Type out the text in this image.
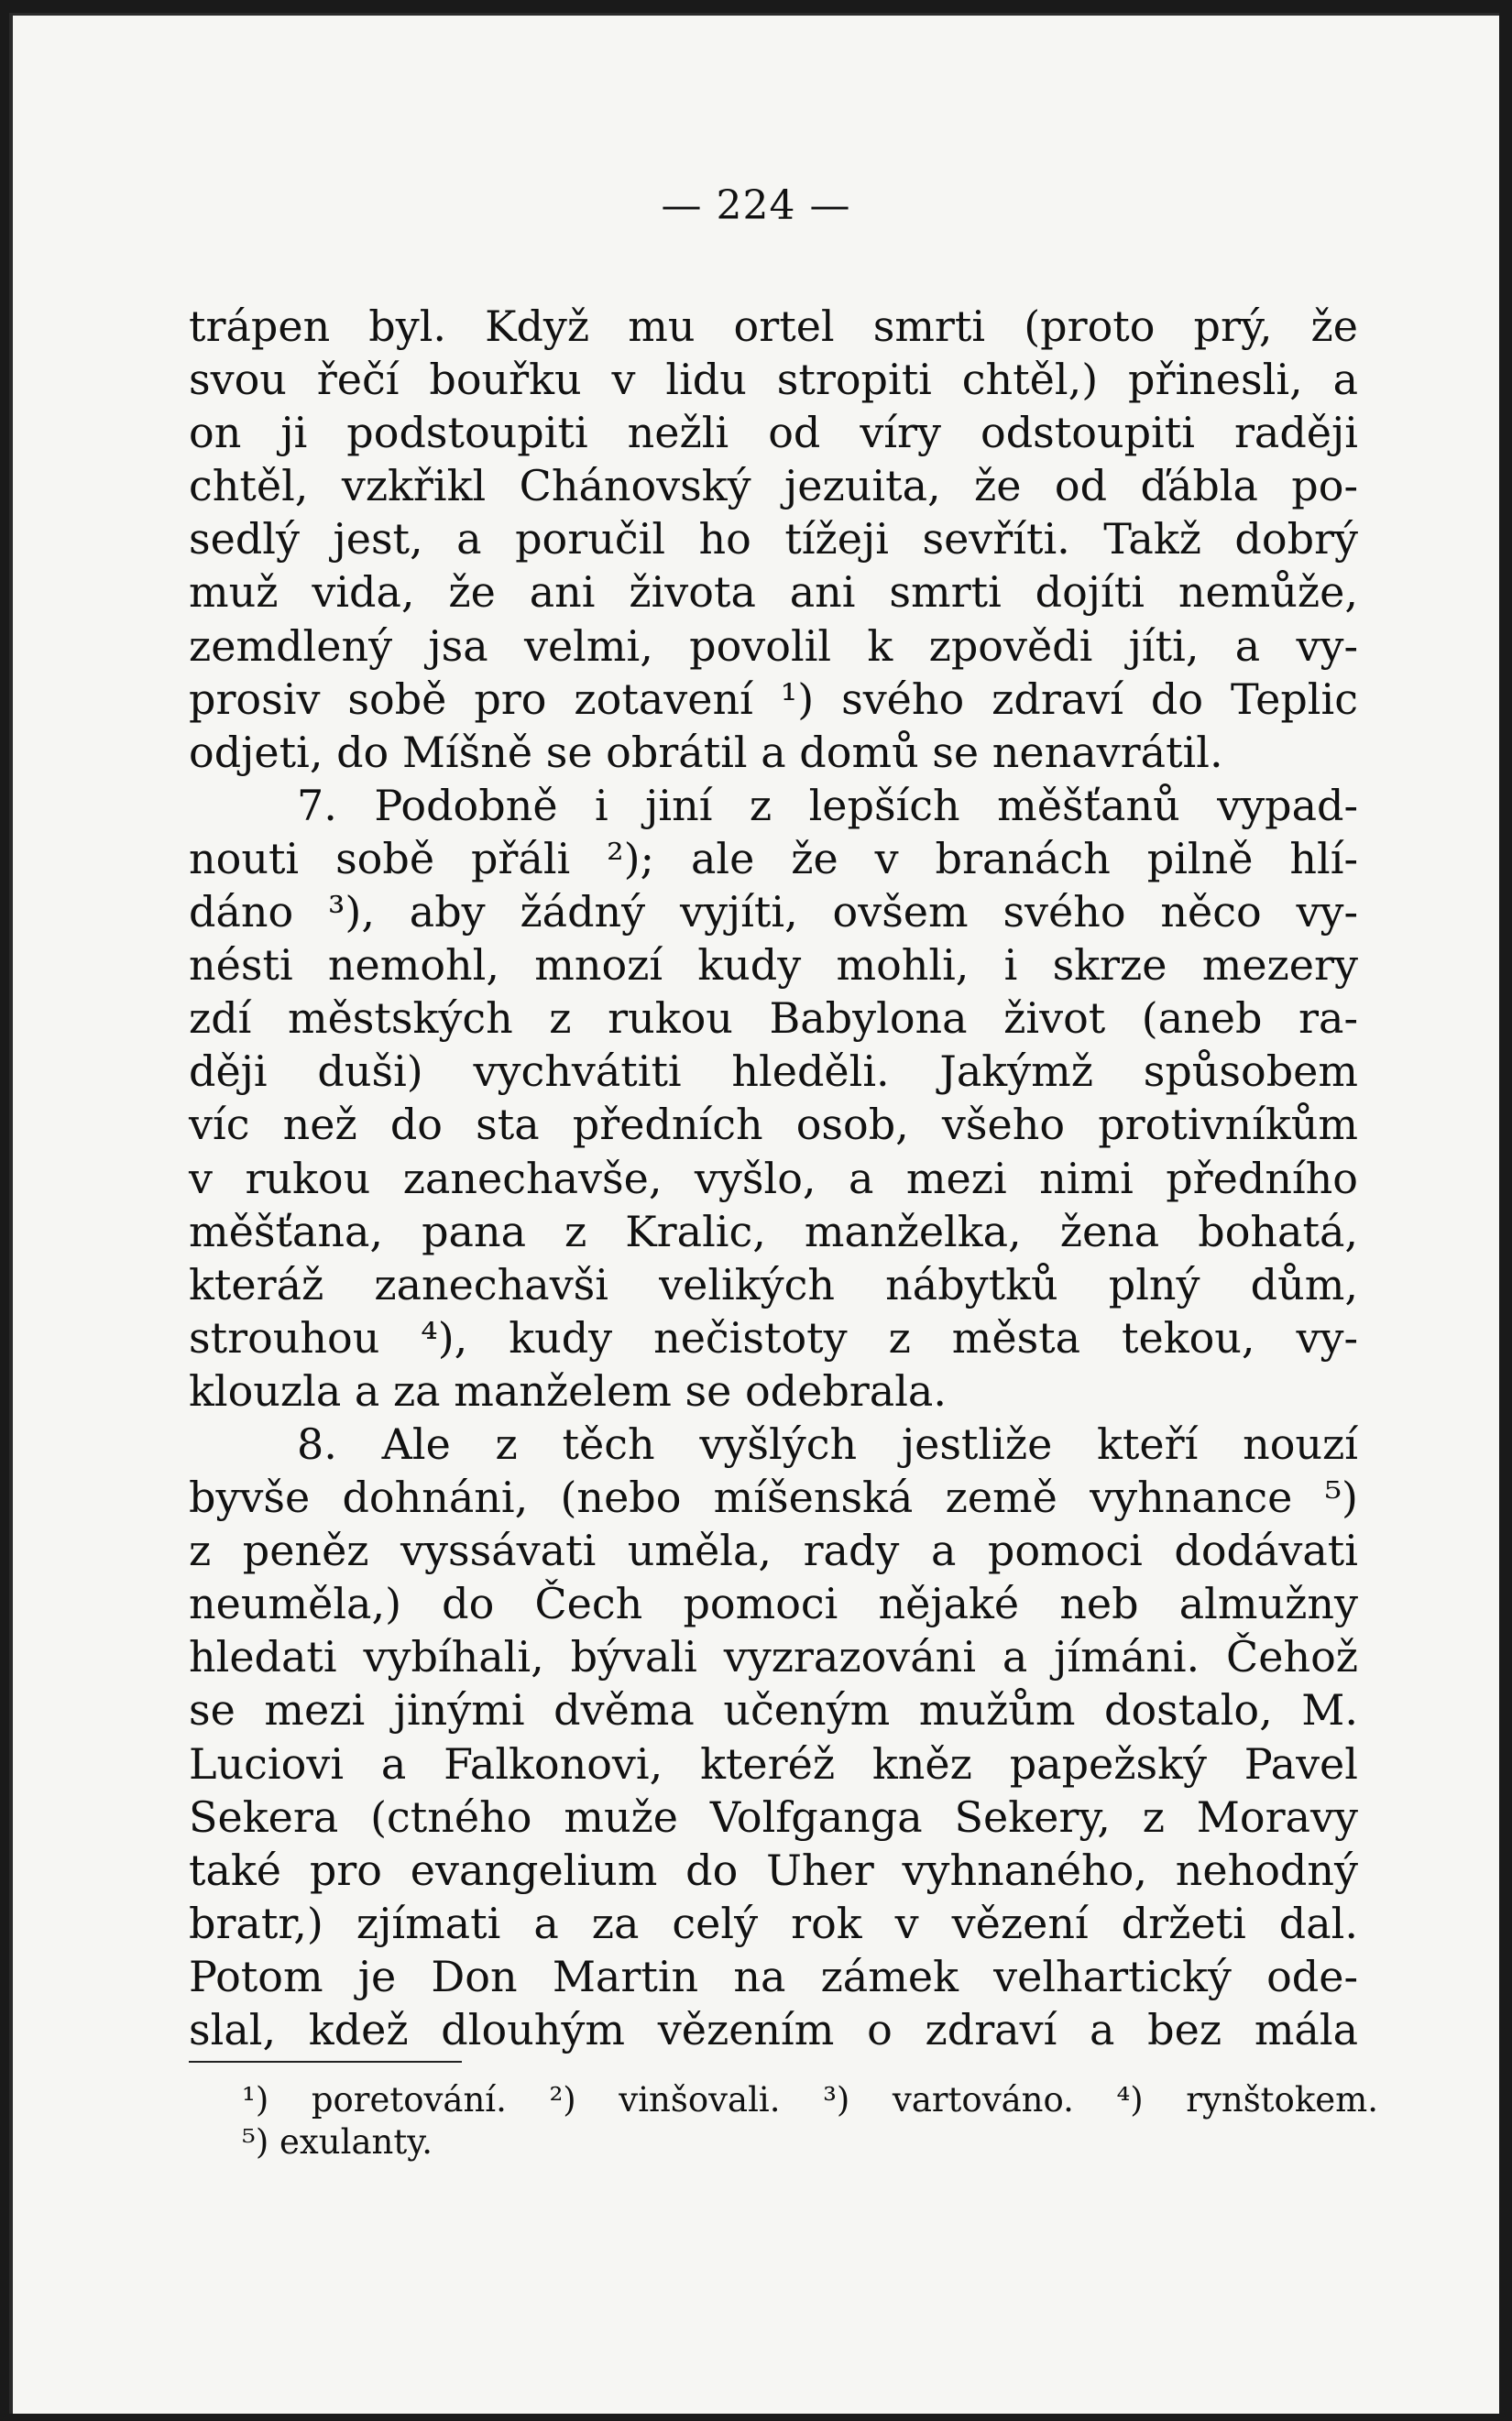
— 224 —
trápen byl. Když mu ortel smrti (proto prý, že
svou řečí bouřku v lidu stropiti chtěl,) přinesli, a
on ji podstoupiti nežli od víry odstoupiti raději
chtěl, vzkřikl Chánovský jezuita, že od ďábla po-
sedlý jest, a poručil ho tížeji sevříti. Takž dobrý
muž vida, že ani života ani smrti dojíti nemůže,
zemdlený jsa velmi, povolil k zpovědi jíti, a vy-
prosiv sobě pro zotavení ¹) svého zdraví do Teplic
odjeti, do Míšně se obrátil a domů se nenavrátil.
7. Podobně i jiní z lepších měšťanů vypad-
nouti sobě přáli ²); ale že v branách pilně hlí-
dáno ³), aby žádný vyjíti, ovšem svého něco vy-
nésti nemohl, mnozí kudy mohli, i skrze mezery
zdí městských z rukou Babylona život (aneb ra-
ději duši) vychvátiti hleděli. Jakýmž spůsobem
víc než do sta předních osob, všeho protivníkům
v rukou zanechavše, vyšlo, a mezi nimi předního
měšťana, pana z Kralic, manželka, žena bohatá,
kteráž zanechavši velikých nábytků plný dům,
strouhou ⁴), kudy nečistoty z města tekou, vy-
klouzla a za manželem se odebrala.
8. Ale z těch vyšlých jestliže kteří nouzí
byvše dohnáni, (nebo míšenská země vyhnance ⁵)
z peněz vyssávati uměla, rady a pomoci dodávati
neuměla,) do Čech pomoci nějaké neb almužny
hledati vybíhali, bývali vyzrazováni a jímáni. Čehož
se mezi jinými dvěma učeným mužům dostalo, M.
Luciovi a Falkonovi, kteréž kněz papežský Pavel
Sekera (ctného muže Volfganga Sekery, z Moravy
také pro evangelium do Uher vyhnaného, nehodný
bratr,) zjímati a za celý rok v vězení držeti dal.
Potom je Don Martin na zámek velhartický ode-
slal, kdež dlouhým vězením o zdraví a bez mála
¹) poretování. ²) vinšovali. ³) vartováno. ⁴) rynštokem.
⁵) exulanty.
